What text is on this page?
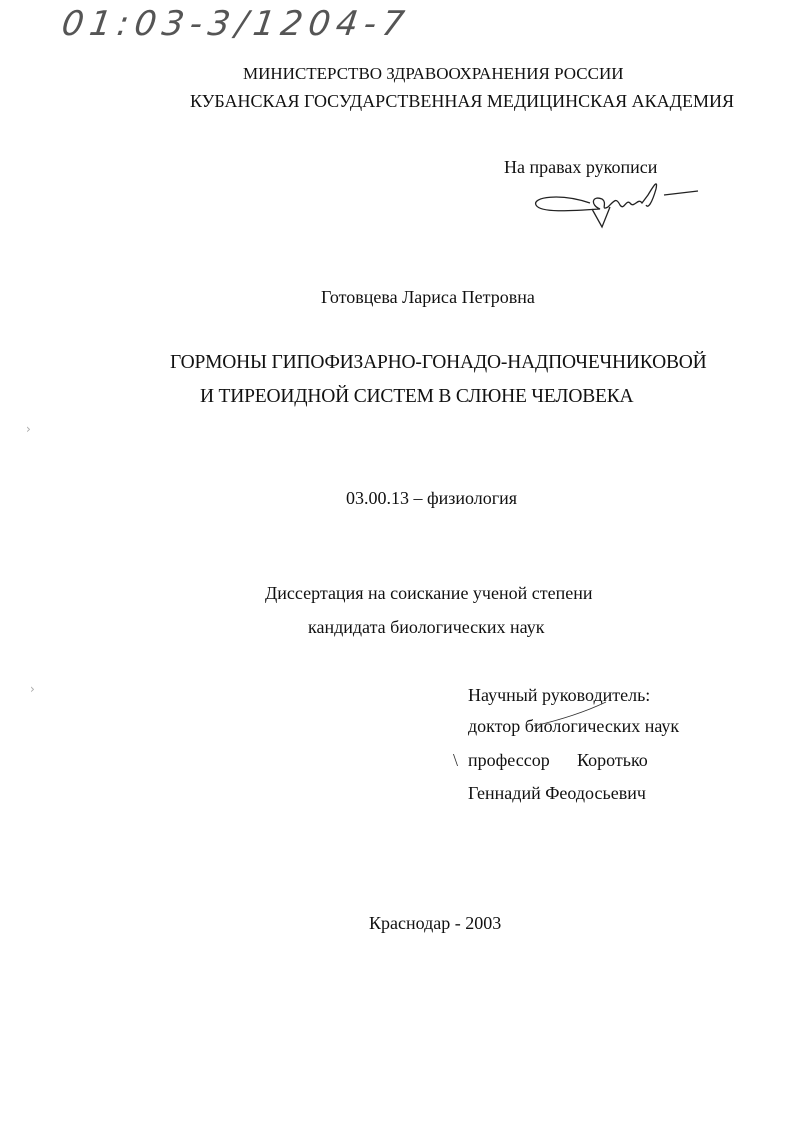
01:03-3/1204-7
МИНИСТЕРСТВО ЗДРАВООХРАНЕНИЯ РОССИИ
КУБАНСКАЯ ГОСУДАРСТВЕННАЯ МЕДИЦИНСКАЯ АКАДЕМИЯ
На правах рукописи
Готовцева Лариса Петровна
ГОРМОНЫ ГИПОФИЗАРНО-ГОНАДО-НАДПОЧЕЧНИКОВОЙ
И ТИРЕОИДНОЙ СИСТЕМ В СЛЮНЕ ЧЕЛОВЕКА
03.00.13 – физиология
Диссертация на соискание ученой степени
кандидата биологических наук
Научный руководитель:
доктор биологических наук
\ профессор Коротько
Геннадий Феодосьевич
Краснодар - 2003
›
›
